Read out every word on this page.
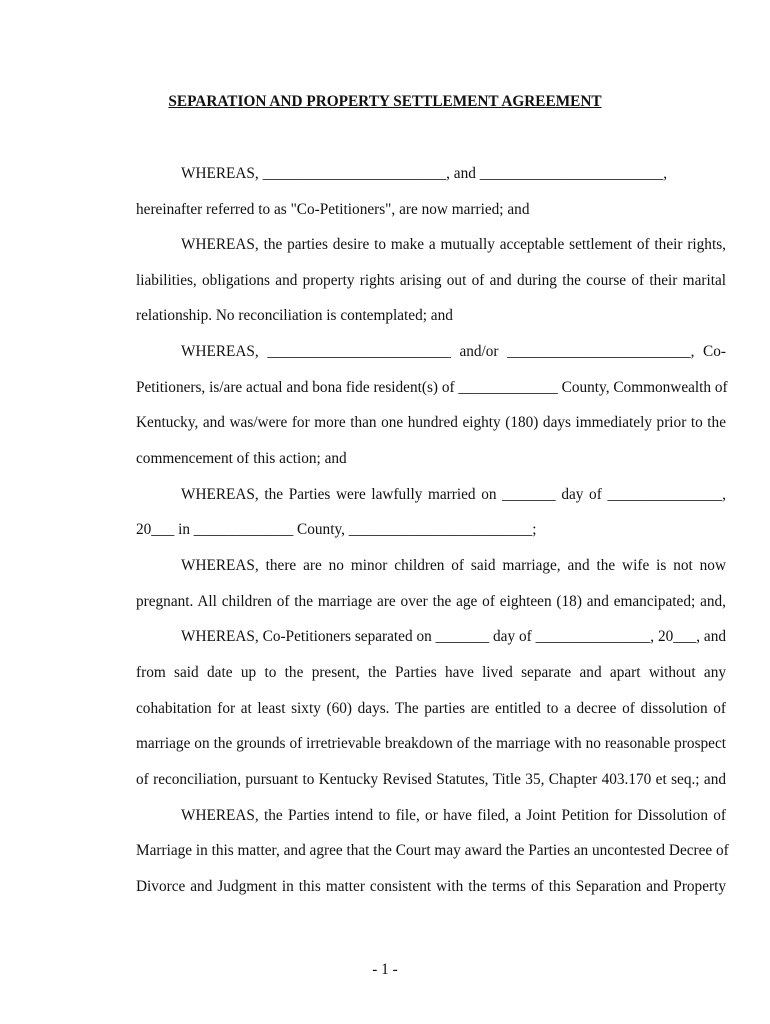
SEPARATION AND PROPERTY SETTLEMENT AGREEMENT
WHEREAS, ________________________, and ________________________,
hereinafter referred to as "Co-Petitioners", are now married; and
WHEREAS, the parties desire to make a mutually acceptable settlement of their rights,
liabilities, obligations and property rights arising out of and during the course of their marital
relationship. No reconciliation is contemplated; and
WHEREAS, ________________________ and/or ________________________, Co-
Petitioners, is/are actual and bona fide resident(s) of _____________ County, Commonwealth of
Kentucky, and was/were for more than one hundred eighty (180) days immediately prior to the
commencement of this action; and
WHEREAS, the Parties were lawfully married on _______ day of _______________,
20___ in _____________ County, ________________________;
WHEREAS, there are no minor children of said marriage, and the wife is not now
pregnant. All children of the marriage are over the age of eighteen (18) and emancipated; and,
WHEREAS, Co-Petitioners separated on _______ day of _______________, 20___, and
from said date up to the present, the Parties have lived separate and apart without any
cohabitation for at least sixty (60) days. The parties are entitled to a decree of dissolution of
marriage on the grounds of irretrievable breakdown of the marriage with no reasonable prospect
of reconciliation, pursuant to Kentucky Revised Statutes, Title 35, Chapter 403.170 et seq.; and
WHEREAS, the Parties intend to file, or have filed, a Joint Petition for Dissolution of
Marriage in this matter, and agree that the Court may award the Parties an uncontested Decree of
Divorce and Judgment in this matter consistent with the terms of this Separation and Property
- 1 -
